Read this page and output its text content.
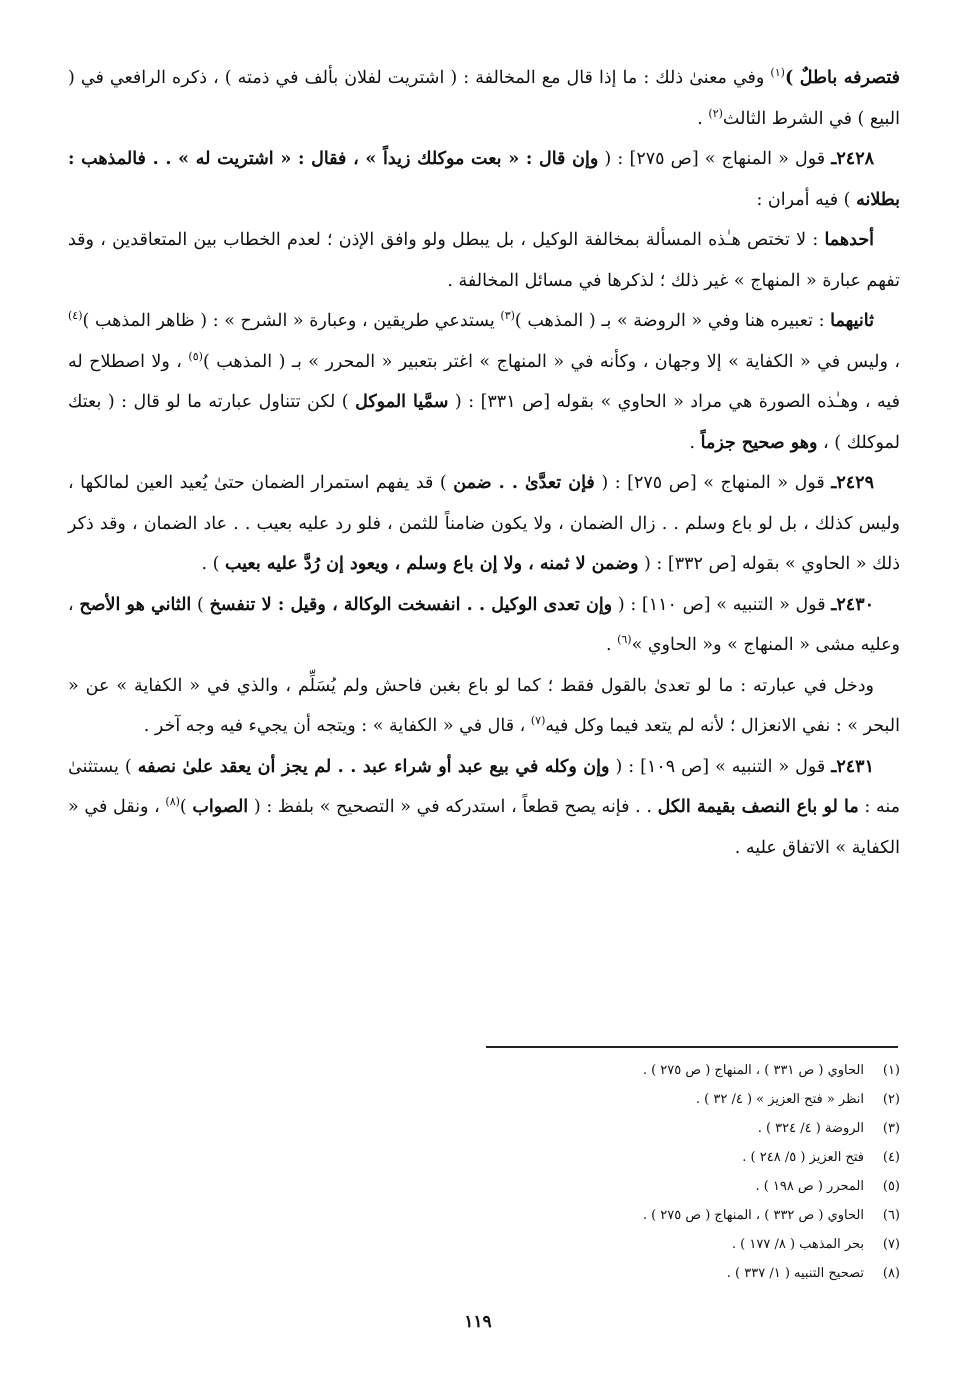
فتصرفه باطلٌ )$^{(١)}$ وفي معنىٰ ذلك : ما إذا قال مع المخالفة : ( اشتريت لفلان بألف في ذمته ) ، ذكره الرافعي في ( البيع ) في الشرط الثالث$^{(٢)}$ .

٢٤٢٨ـ قول « المنهاج » [ص ٢٧٥] : ( وإن قال : « بعت موكلك زيداً » ، فقال : « اشتريت له » . . فالمذهب : بطلانه ) فيه أمران :

أحدهما : لا تختص هـٰذه المسألة بمخالفة الوكيل ، بل يبطل ولو وافق الإذن ؛ لعدم الخطاب بين المتعاقدين ، وقد تفهم عبارة « المنهاج » غير ذلك ؛ لذكرها في مسائل المخالفة .

ثانيهما : تعبيره هنا وفي « الروضة » بـ ( المذهب )$^{(٣)}$ يستدعي طريقين ، وعبارة « الشرح » : ( ظاهر المذهب )$^{(٤)}$ ، وليس في « الكفاية » إلا وجهان ، وكأنه في « المنهاج » اغتر بتعبير « المحرر » بـ ( المذهب )$^{(٥)}$ ، ولا اصطلاح له فيه ، وهـٰذه الصورة هي مراد « الحاوي » بقوله [ص ٣٣١] : ( سمَّيا الموكل ) لكن تتناول عبارته ما لو قال : ( بعتك لموكلك ) ، وهو صحيح جزماً .

٢٤٢٩ـ قول « المنهاج » [ص ٢٧٥] : ( فإن تعدَّىٰ . . ضمن ) قد يفهم استمرار الضمان حتىٰ يُعيد العين لمالكها ، وليس كذلك ، بل لو باع وسلم . . زال الضمان ، ولا يكون ضامناً للثمن ، فلو رد عليه بعيب . . عاد الضمان ، وقد ذكر ذلك « الحاوي » بقوله [ص ٣٣٢] : ( وضمن لا ثمنه ، ولا إن باع وسلم ، ويعود إن رُدَّ عليه بعيب ) .

٢٤٣٠ـ قول « التنبيه » [ص ١١٠] : ( وإن تعدى الوكيل . . انفسخت الوكالة ، وقيل : لا تنفسخ ) الثاني هو الأصح ، وعليه مشى « المنهاج » و« الحاوي »$^{(٦)}$ .

ودخل في عبارته : ما لو تعدىٰ بالقول فقط ؛ كما لو باع بغبن فاحش ولم يُسَلِّم ، والذي في « الكفاية » عن « البحر » : نفي الانعزال ؛ لأنه لم يتعد فيما وكل فيه$^{(٧)}$ ، قال في « الكفاية » : ويتجه أن يجيء فيه وجه آخر .

٢٤٣١ـ قول « التنبيه » [ص ١٠٩] : ( وإن وكله في بيع عبد أو شراء عبد . . لم يجز أن يعقد علىٰ نصفه ) يستثنىٰ منه : ما لو باع النصف بقيمة الكل . . فإنه يصح قطعاً ، استدركه في « التصحيح » بلفظ : ( الصواب )$^{(٨)}$ ، ونقل في « الكفاية » الاتفاق عليه .

(١)
الحاوي ( ص ٣٣١ ) ، المنهاج ( ص ٢٧٥ ) .
(٢)
انظر « فتح العزيز » ( ٤/ ٣٢ ) .
(٣)
الروضة ( ٤/ ٣٢٤ ) .
(٤)
فتح العزيز ( ٥/ ٢٤٨ ) .
(٥)
المحرر ( ص ١٩٨ ) .
(٦)
الحاوي ( ص ٣٣٢ ) ، المنهاج ( ص ٢٧٥ ) .
(٧)
بحر المذهب ( ٨/ ١٧٧ ) .
(٨)
تصحيح التنبيه ( ١/ ٣٣٧ ) .
١١٩
